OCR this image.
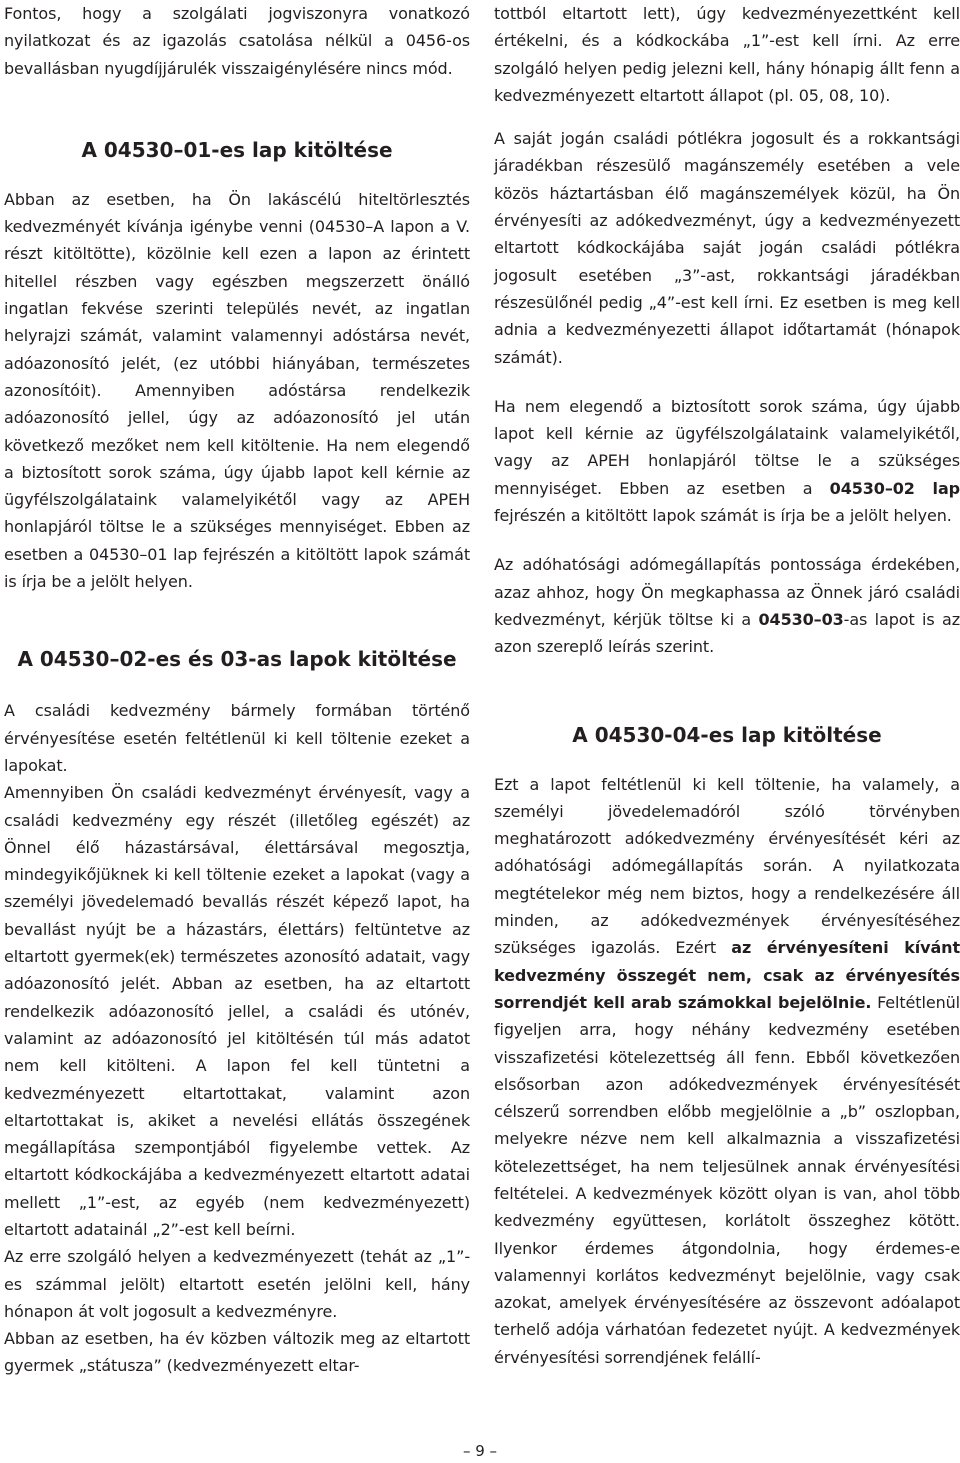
Fontos, hogy a szolgálati jogviszonyra vonatkozó nyilatkozat és az igazolás csatolása nélkül a 0456-os bevallásban nyugdíjjárulék visszaigénylésére nincs mód.

A 04530–01-es lap kitöltése

Abban az esetben, ha Ön lakáscélú hiteltörlesztés kedvezményét kívánja igénybe venni (04530–A lapon a V. részt kitöltötte), közölnie kell ezen a lapon az érintett hitellel részben vagy egészben megszerzett önálló ingatlan fekvése szerinti település nevét, az ingatlan helyrajzi számát, valamint valamennyi adóstársa nevét, adóazonosító jelét, (ez utóbbi hiányában, természetes azonosítóit). Amennyiben adóstársa rendelkezik adóazonosító jellel, úgy az adóazonosító jel után következő mezőket nem kell kitöltenie. Ha nem elegendő a biztosított sorok száma, úgy újabb lapot kell kérnie az ügyfélszolgálataink valamelyikétől vagy az APEH honlapjáról töltse le a szükséges mennyiséget. Ebben az esetben a 04530–01 lap fejrészén a kitöltött lapok számát is írja be a jelölt helyen.

A 04530–02-es és 03-as lapok kitöltése

A családi kedvezmény bármely formában történő érvényesítése esetén feltétlenül ki kell töltenie ezeket a lapokat.

Amennyiben Ön családi kedvezményt érvényesít, vagy a családi kedvezmény egy részét (illetőleg egészét) az Önnel élő házastársával, élettársával megosztja, mindegyikőjüknek ki kell töltenie ezeket a lapokat (vagy a személyi jövedelemadó bevallás részét képező lapot, ha bevallást nyújt be a házastárs, élettárs) feltüntetve az eltartott gyermek(ek) természetes azonosító adatait, vagy adóazonosító jelét. Abban az esetben, ha az eltartott rendelkezik adóazonosító jellel, a családi és utónév, valamint az adóazonosító jel kitöltésén túl más adatot nem kell kitölteni. A lapon fel kell tüntetni a kedvezményezett eltartottakat, valamint azon eltartottakat is, akiket a nevelési ellátás összegének megállapítása szempontjából figyelembe vettek. Az eltartott kódkockájába a kedvezményezett eltartott adatai mellett „1”-est, az egyéb (nem kedvezményezett) eltartott adatainál „2”-est kell beírni.

Az erre szolgáló helyen a kedvezményezett (tehát az „1”-es számmal jelölt) eltartott esetén jelölni kell, hány hónapon át volt jogosult a kedvezményre.

Abban az esetben, ha év közben változik meg az eltartott gyermek „státusza” (kedvezményezett eltar-

tottból eltartott lett), úgy kedvezményezettként kell értékelni, és a kódkockába „1”-est kell írni. Az erre szolgáló helyen pedig jelezni kell, hány hónapig állt fenn a kedvezményezett eltartott állapot (pl. 05, 08, 10).

A saját jogán családi pótlékra jogosult és a rokkantsági járadékban részesülő magánszemély esetében a vele közös háztartásban élő magánszemélyek közül, ha Ön érvényesíti az adókedvezményt, úgy a kedvezményezett eltartott kódkockájába saját jogán családi pótlékra jogosult esetében „3”-ast, rokkantsági járadékban részesülőnél pedig „4”-est kell írni. Ez esetben is meg kell adnia a kedvezményezetti állapot időtartamát (hónapok számát).

Ha nem elegendő a biztosított sorok száma, úgy újabb lapot kell kérnie az ügyfélszolgálataink valamelyikétől, vagy az APEH honlapjáról töltse le a szükséges mennyiséget. Ebben az esetben a 04530–02 lap fejrészén a kitöltött lapok számát is írja be a jelölt helyen.

Az adóhatósági adómegállapítás pontossága érdekében, azaz ahhoz, hogy Ön megkaphassa az Önnek járó családi kedvezményt, kérjük töltse ki a 04530–03-as lapot is az azon szereplő leírás szerint.

A 04530-04-es lap kitöltése

Ezt a lapot feltétlenül ki kell töltenie, ha valamely, a személyi jövedelemadóról szóló törvényben meghatározott adókedvezmény érvényesítését kéri az adóhatósági adómegállapítás során. A nyilatkozata megtételekor még nem biztos, hogy a rendelkezésére áll minden, az adókedvezmények érvényesítéséhez szükséges igazolás. Ezért az érvényesíteni kívánt kedvezmény összegét nem, csak az érvényesítés sorrendjét kell arab számokkal bejelölnie. Feltétlenül figyeljen arra, hogy néhány kedvezmény esetében visszafizetési kötelezettség áll fenn. Ebből következően elsősorban azon adókedvezmények érvényesítését célszerű sorrendben előbb megjelölnie a „b” oszlopban, melyekre nézve nem kell alkalmaznia a visszafizetési kötelezettséget, ha nem teljesülnek annak érvényesítési feltételei. A kedvezmények között olyan is van, ahol több kedvezmény együttesen, korlátolt összeghez kötött. Ilyenkor érdemes átgondolnia, hogy érdemes-e valamennyi korlátos kedvezményt bejelölnie, vagy csak azokat, amelyek érvényesítésére az összevont adóalapot terhelő adója várhatóan fedezetet nyújt. A kedvezmények érvényesítési sorrendjének felállí-

– 9 –
